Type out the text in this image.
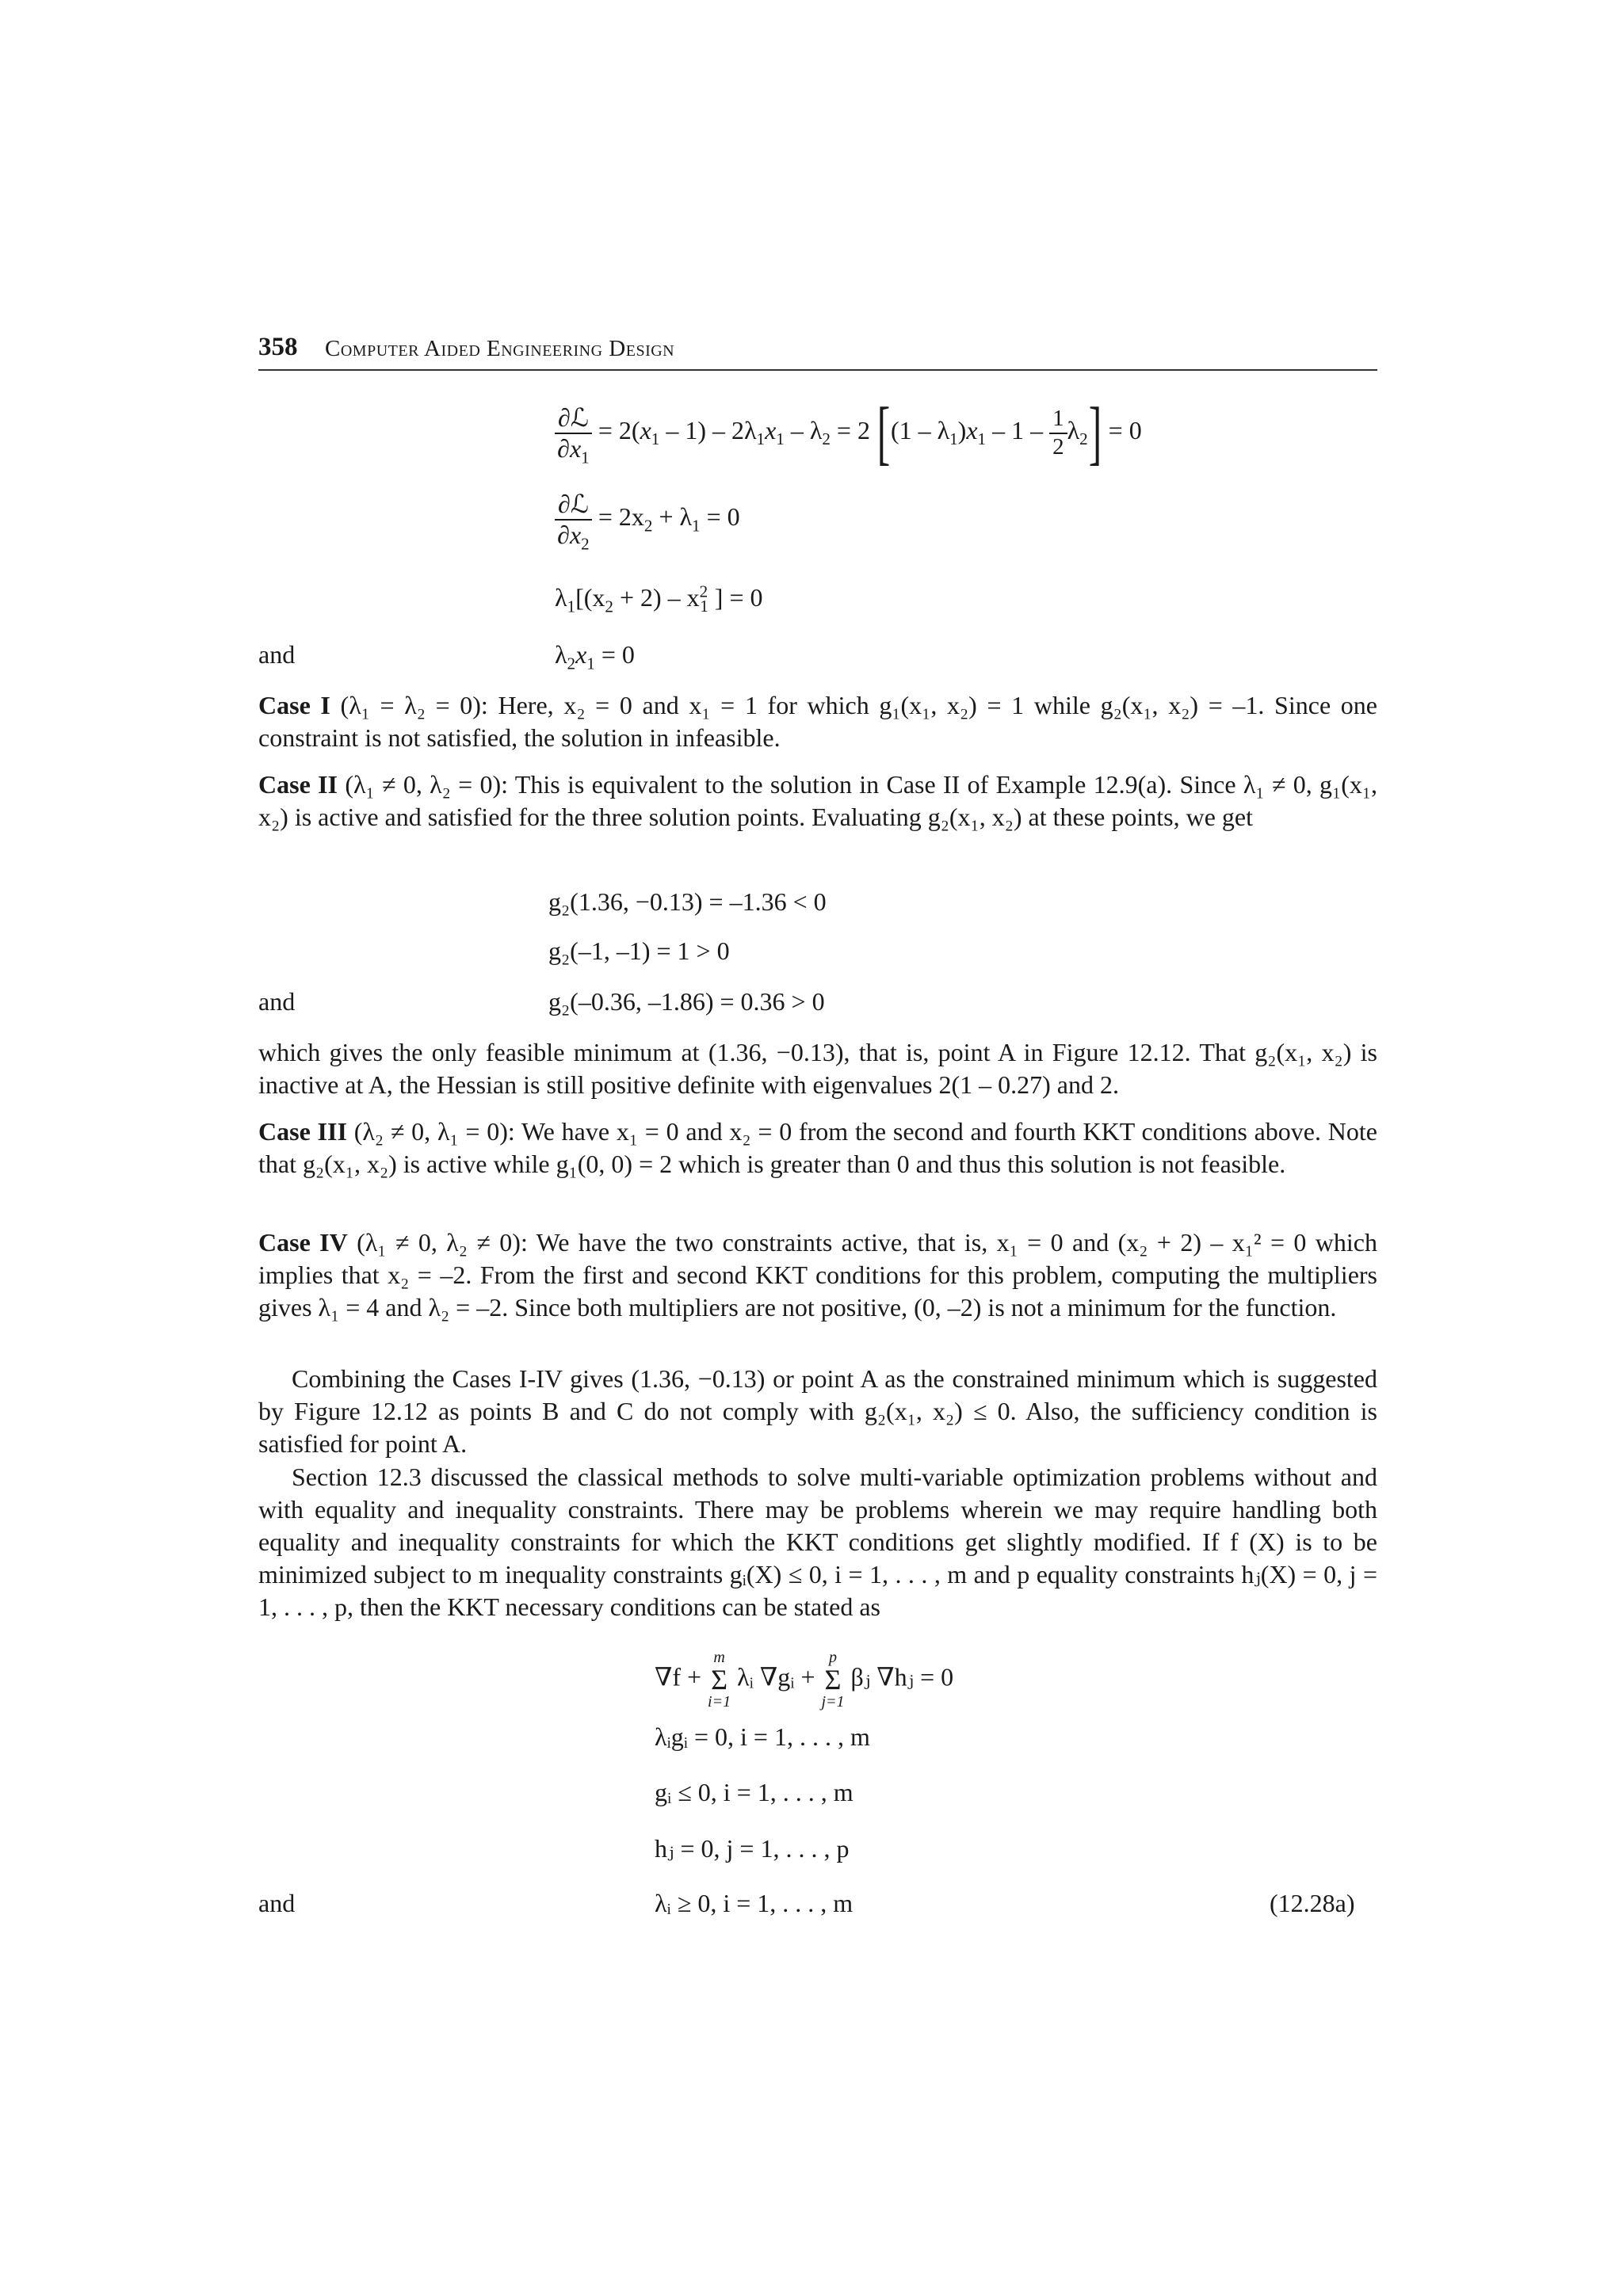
358 Computer Aided Engineering Design
$\frac{\text{∂ℒ}}{\partial x_1} = 2(x_1 - 1) - 2\lambda_1x_1 - \lambda_2 = 2$ $[(1 - \lambda_1)x_1 - 1 - \frac{1}{2} \lambda_2] = 0$
$\frac{\text{∂ℒ}}{\partial x_2} = 2x_2 + \lambda_1 = 0$
$\lambda_1[(x_2 + 2) - x^2_1$ ] = 0
and	$\lambda_2x_1 = 0$
Case I (λ₁ = λ₂ = 0): Here, x₂ = 0 and x₁ = 1 for which g₁(x₁, x₂) = 1 while g₂(x₁, x₂) = –1. Since one constraint is not satisfied, the solution in infeasible.
Case II (λ₁ ≠ 0, λ₂ = 0): This is equivalent to the solution in Case II of Example 12.9(a). Since λ₁ ≠ 0, g₁(x₁, x₂) is active and satisfied for the three solution points. Evaluating g₂(x₁, x₂) at these points, we get
g₂(1.36, −0.13) = –1.36 < 0
g₂(–1, –1) = 1 > 0
and	g₂(–0.36, –1.86) = 0.36 > 0
which gives the only feasible minimum at (1.36, −0.13), that is, point A in Figure 12.12. That g₂(x₁, x₂) is inactive at A, the Hessian is still positive definite with eigenvalues 2(1 – 0.27) and 2.
Case III (λ₂ ≠ 0, λ₁ = 0): We have x₁ = 0 and x₂ = 0 from the second and fourth KKT conditions above. Note that g₂(x₁, x₂) is active while g₁(0, 0) = 2 which is greater than 0 and thus this solution is not feasible.
Case IV (λ₁ ≠ 0, λ₂ ≠ 0): We have the two constraints active, that is, x₁ = 0 and (x₂ + 2) – x₁² = 0 which implies that x₂ = –2. From the first and second KKT conditions for this problem, computing the multipliers gives λ₁ = 4 and λ₂ = –2. Since both multipliers are not positive, (0, –2) is not a minimum for the function.
Combining the Cases I-IV gives (1.36, −0.13) or point A as the constrained minimum which is suggested by Figure 12.12 as points B and C do not comply with g₂(x₁, x₂) ≤ 0. Also, the sufficiency condition is satisfied for point A.
Section 12.3 discussed the classical methods to solve multi-variable optimization problems without and with equality and inequality constraints. There may be problems wherein we may require handling both equality and inequality constraints for which the KKT conditions get slightly modified. If f (X) is to be minimized subject to m inequality constraints gᵢ(X) ≤ 0, i = 1, . . . , m and p equality constraints hⱼ(X) = 0, j = 1, . . . , p, then the KKT necessary conditions can be stated as
∇f +
m
Σ
i=1
λᵢ ∇gᵢ +
p
Σ
j=1
βⱼ ∇hⱼ = 0
λᵢgᵢ = 0, i = 1, . . . , m
gᵢ ≤ 0, i = 1, . . . , m
hⱼ = 0, j = 1, . . . , p
and	λᵢ ≥ 0, i = 1, . . . , m	(12.28a)
